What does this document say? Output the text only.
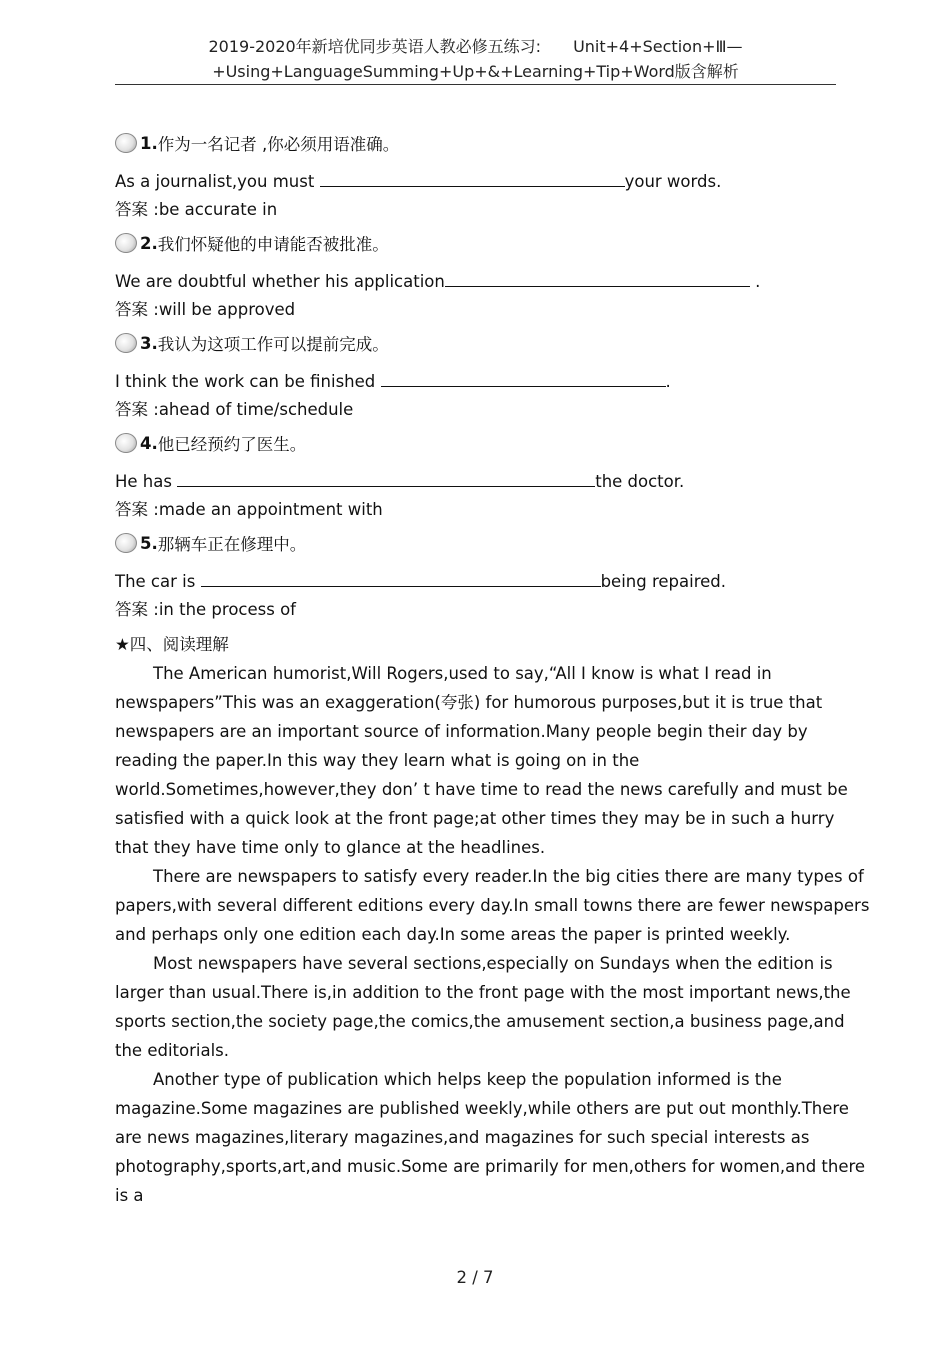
2019-2020年新培优同步英语人教必修五练习:　　Unit+4+Section+Ⅲ—
+Using+LanguageSumming+Up+&+Learning+Tip+Word版含解析
1. 作为一名记者 ,你必须用语准确。
As a journalist,you must	your words.
答案 :be accurate in
2. 我们怀疑他的申请能否被批准。
We are doubtful whether his application	.
答案 :will be approved
3. 我认为这项工作可以提前完成。
I think the work can be finished	.
答案 :ahead of time/schedule
4. 他已经预约了医生。
He has	the doctor.
答案 :made an appointment with
5. 那辆车正在修理中。
The car is	being repaired.
答案 :in the process of
★四、阅读理解

The American humorist,Will Rogers,used to say,“All I know is what I read in newspapers”This was an exaggeration(夸张) for humorous purposes,but it is true that newspapers are an important source of information.Many people begin their day by reading the paper.In this way they learn what is going on in the world.Sometimes,however,they don’ t have time to read the news carefully and must be satisfied with a quick look at the front page;at other times they may be in such a hurry that they have time only to glance at the headlines.

There are newspapers to satisfy every reader.In the big cities there are many types of papers,with several different editions every day.In small towns there are fewer newspapers and perhaps only one edition each day.In some areas the paper is printed weekly.

Most newspapers have several sections,especially on Sundays when the edition is larger than usual.There is,in addition to the front page with the most important news,the sports section,the society page,the comics,the amusement section,a business page,and the editorials.

Another type of publication which helps keep the population informed is the magazine.Some magazines are published weekly,while others are put out monthly.There are news magazines,literary magazines,and magazines for such special interests as photography,sports,art,and music.Some are primarily for men,others for women,and there is a

2 / 7
